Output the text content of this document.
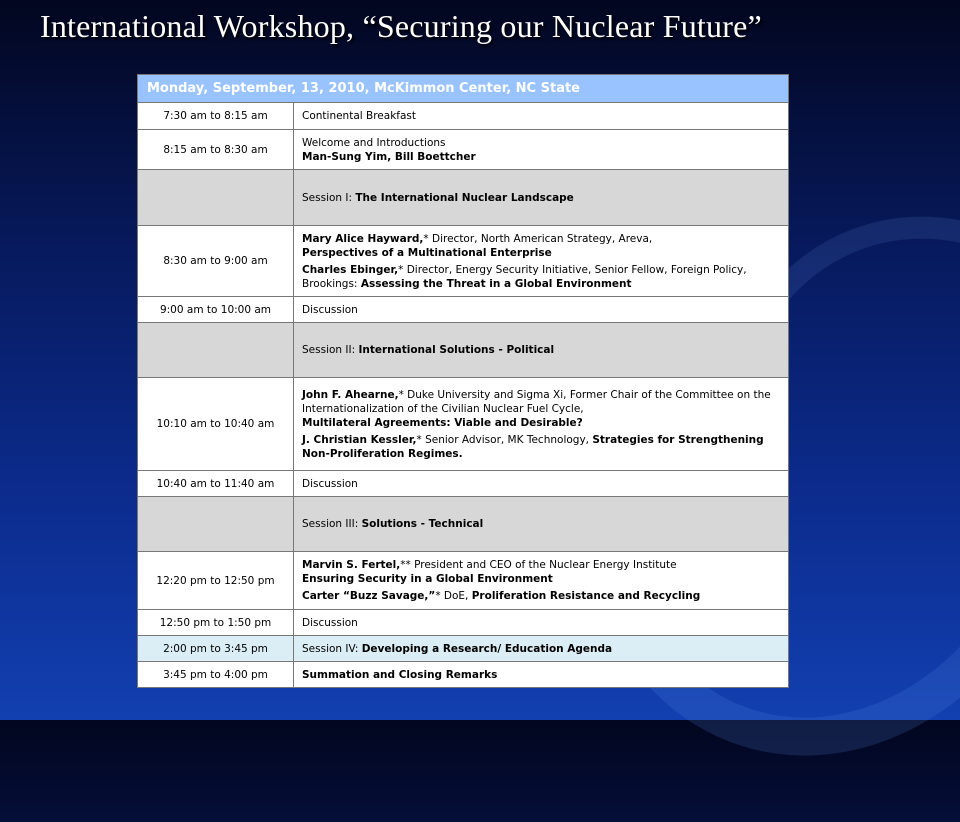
International Workshop, “Securing our Nuclear Future”
Monday, September, 13, 2010, McKimmon Center, NC State	
7:30 am to 8:15 am	Continental Breakfast
8:15 am to 8:30 am	Welcome and Introductions
Man-Sung Yim, Bill Boettcher

	Session I: The International Nuclear Landscape
8:30 am to 9:00 am	Mary Alice Hayward,* Director, North American Strategy, Areva,
Perspectives of a Multinational Enterprise
Charles Ebinger,* Director, Energy Security Initiative, Senior Fellow, Foreign Policy, Brookings: Assessing the Threat in a Global Environment

9:00 am to 10:00 am	Discussion
	Session II: International Solutions - Political
10:10 am to 10:40 am	John F. Ahearne,* Duke University and Sigma Xi, Former Chair of the Committee on the Internationalization of the Civilian Nuclear Fuel Cycle,
Multilateral Agreements: Viable and Desirable?
J. Christian Kessler,* Senior Advisor, MK Technology, Strategies for Strengthening Non-Proliferation Regimes.

10:40 am to 11:40 am	Discussion
	Session III: Solutions - Technical
12:20 pm to 12:50 pm	Marvin S. Fertel,** President and CEO of the Nuclear Energy Institute
Ensuring Security in a Global Environment
Carter “Buzz Savage,”* DoE, Proliferation Resistance and Recycling

12:50 pm to 1:50 pm	Discussion
2:00 pm to 3:45 pm	Session IV: Developing a Research/ Education Agenda
3:45 pm to 4:00 pm	Summation and Closing Remarks
